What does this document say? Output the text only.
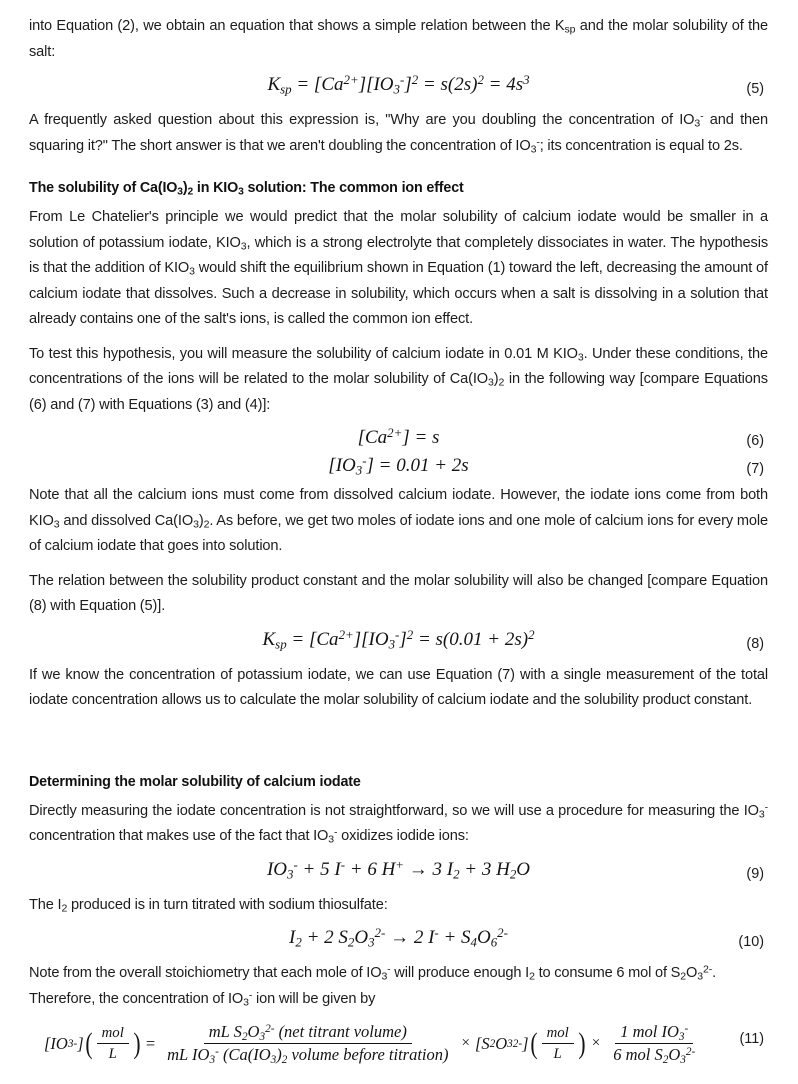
into Equation (2), we obtain an equation that shows a simple relation between the $K_{sp}$ and the molar solubility of the salt:

Ksp = $[Ca^{2+}][IO3^-]^2 = s(2s)^2 = 4s^3$
(5)

A frequently asked question about this expression is, "Why are you doubling the concentration of $IO_3^-$ and then squaring it?" The short answer is that we aren't doubling the concentration of $IO_3^-$; its concentration is equal to 2s.

The solubility of $Ca(IO_3)_2$ in $KIO_3$ solution: The common ion effect

From Le Chatelier's principle we would predict that the molar solubility of calcium iodate would be smaller in a solution of potassium iodate, $KIO_3$, which is a strong electrolyte that completely dissociates in water. The hypothesis is that the addition of $KIO_3$ would shift the equilibrium shown in Equation (1) toward the left, decreasing the amount of calcium iodate that dissolves. Such a decrease in solubility, which occurs when a salt is dissolving in a solution that already contains one of the salt's ions, is called the common ion effect.

To test this hypothesis, you will measure the solubility of calcium iodate in 0.01 M $KIO_3$. Under these conditions, the concentrations of the ions will be related to the molar solubility of $Ca(IO_3)_2$ in the following way [compare Equations (6) and (7) with Equations (3) and (4)]:

$[Ca^{2+}] = s$	(6)
[IO3-] = 0.01 + 2s	(7)

Note that all the calcium ions must come from dissolved calcium iodate. However, the iodate ions come from both $KIO_3$ and dissolved $Ca(IO_3)_2$. As before, we get two moles of iodate ions and one mole of calcium ions for every mole of calcium iodate that goes into solution.

The relation between the solubility product constant and the molar solubility will also be changed [compare Equation (8) with Equation (5)].

Ksp = $[Ca^{2+}][IO3^-]^2 = s(0.01 + 2s)^2$
(8)

If we know the concentration of potassium iodate, we can use Equation (7) with a single measurement of the total iodate concentration allows us to calculate the molar solubility of calcium iodate and the solubility product constant.

Determining the molar solubility of calcium iodate

Directly measuring the iodate concentration is not straightforward, so we will use a procedure for measuring the $IO_3^-$ concentration that makes use of the fact that $IO_3^-$ oxidizes iodide ions:

IO3- + 5 I- + 6 H+ → 3 I2 + 3 H2O	(9)

The $I_2$ produced is in turn titrated with sodium thiosulfate:

I2 + 2 $S2O3^{2-} \to 2$ $I^- + S4O6^{2-}$
(10)

Note from the overall stoichiometry that each mole of $IO_3^-$ will produce enough $I_2$ to consume 6 mol of $S_2O_3^{2-}$. Therefore, the concentration of $IO_3^-$ ion will be given by

[ IO 3 - ] ( $\frac{\text{mol}}{L}$ ) = $\frac{mL S2O3^{2-} (net titrant volume)}{mL IO3^- (Ca(IO3)2 volume before titration)}$ × [ S 2 O 3 2- ] ( $\frac{\text{mol}}{L}$ ) × $\frac{1 mol IO3^-}{6 mol S2O3^{2-}}$	(11)
